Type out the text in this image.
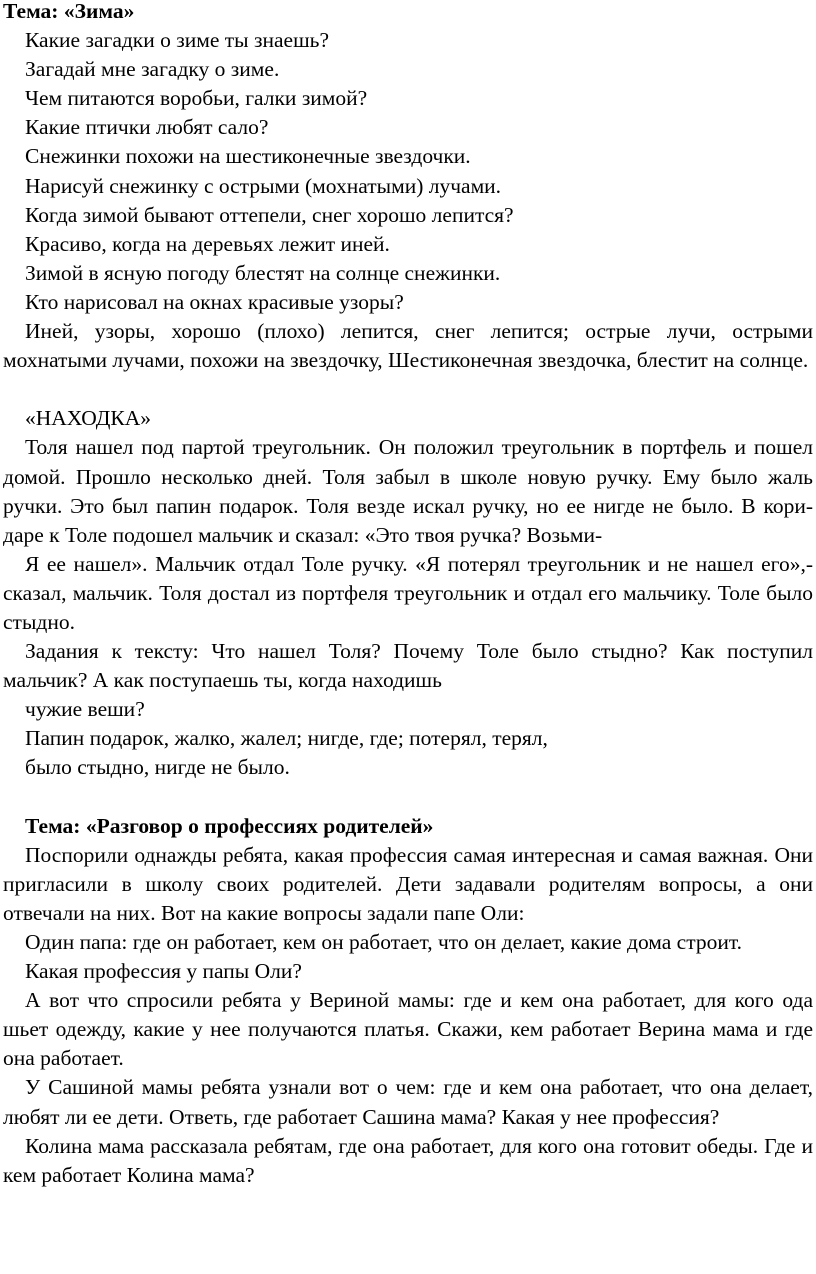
Тема: «Зима»

Какие загадки о зиме ты знаешь?

Загадай мне загадку о зиме.

Чем питаются воробьи, галки зимой?

Какие птички любят сало?

Снежинки похожи на шестиконечные звездочки.

Нарисуй снежинку с острыми (мохнатыми) лучами.

Когда зимой бывают оттепели, снег хорошо лепится?

Красиво, когда на деревьях лежит иней.

Зимой в ясную погоду блестят на солнце снежинки.

Кто нарисовал на окнах красивые узоры?

Иней, узоры, хорошо (плохо) лепится, снег лепится; острые лучи, острыми мохнатыми лучами, похожи на звездочку, Шестиконечная звездочка, блестит на солнце.

«НАХОДКА»

Толя нашел под партой треугольник. Он положил треугольник в портфель и пошел домой. Прошло несколько дней. Толя забыл в школе новую ручку. Ему было жаль ручки. Это был папин подарок. Толя везде искал ручку, но ее нигде не было. В кори-даре к Толе подошел мальчик и сказал: «Это твоя ручка? Возьми-

Я ее нашел». Мальчик отдал Толе ручку. «Я потерял треугольник и не нашел его»,- сказал, мальчик. Толя достал из портфеля треугольник и отдал его мальчику. Толе было стыдно.

Задания к тексту: Что нашел Толя? Почему Толе было стыдно? Как поступил мальчик? А как поступаешь ты, когда находишь

чужие веши?

Папин подарок, жалко, жалел; нигде, где; потерял, терял,

было стыдно, нигде не было.

Тема: «Разговор о профессиях родителей»

Поспорили однажды ребята, какая профессия самая интересная и самая важная. Они пригласили в школу своих родителей. Дети задавали родителям вопросы, а они отвечали на них. Вот на какие вопросы задали папе Оли:

Один папа: где он работает, кем он работает, что он делает, какие дома строит.

Какая профессия у папы Оли?

А вот что спросили ребята у Вериной мамы: где и кем она работает, для кого ода шьет одежду, какие у нее получаются платья. Скажи, кем работает Верина мама и где она работает.

У Сашиной мамы ребята узнали вот о чем: где и кем она работает, что она делает, любят ли ее дети. Ответь, где работает Сашина мама? Какая у нее профессия?

Колина мама рассказала ребятам, где она работает, для кого она готовит обеды. Где и кем работает Колина мама?
